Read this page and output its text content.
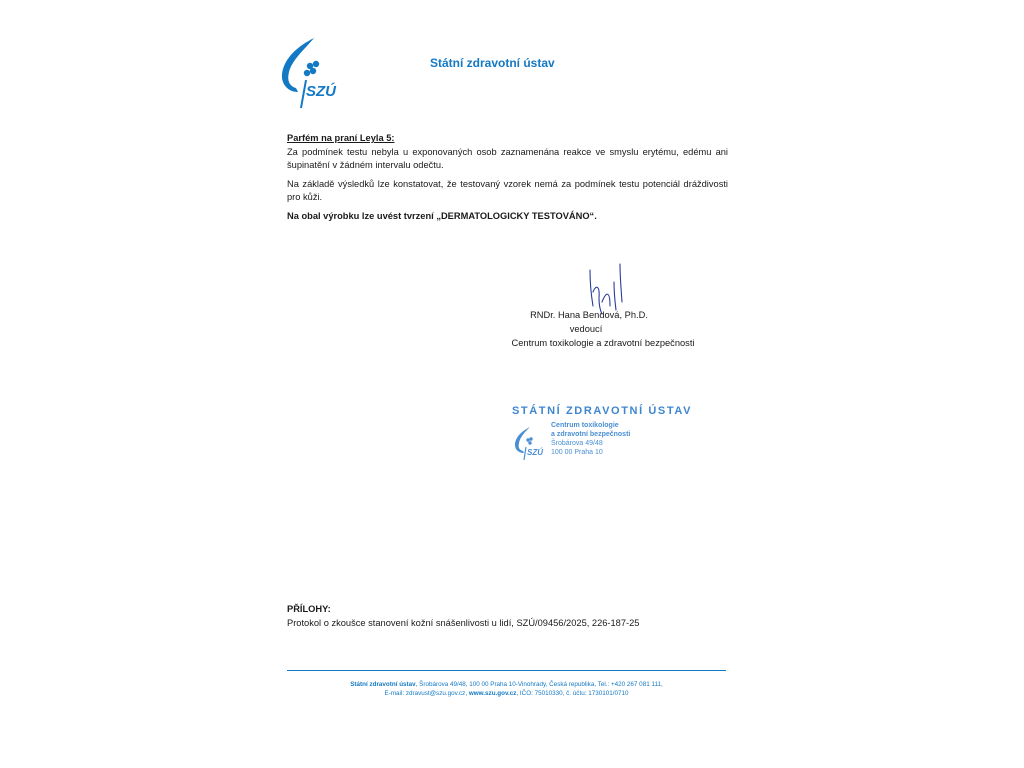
SZÚ
Státní zdravotní ústav

Parfém na praní Leyla 5:

Za podmínek testu nebyla u exponovaných osob zaznamenána reakce ve smyslu erytému, edému ani šupinatění v žádném intervalu odečtu.

Na základě výsledků lze konstatovat, že testovaný vzorek nemá za podmínek testu potenciál dráždivosti pro kůži.

Na obal výrobku lze uvést tvrzení „DERMATOLOGICKY TESTOVÁNO“.

RNDr. Hana Bendová, Ph.D.
vedoucí
Centrum toxikologie a zdravotní bezpečnosti
STÁTNÍ ZDRAVOTNÍ ÚSTAV
SZÚ
Centrum toxikologie
a zdravotní bezpečnosti
Šrobárova 49/48
100 00 Praha 10
PŘÍLOHY:
Protokol o zkoušce stanovení kožní snášenlivosti u lidí, SZÚ/09456/2025, 226-187-25
Státní zdravotní ústav, Šrobárova 49/48, 100 00 Praha 10-Vinohrady, Česká republika, Tel.: +420 267 081 111,
E-mail: zdravust@szu.gov.cz, www.szu.gov.cz, IČO: 75010330, č. účtu: 1730101/0710
